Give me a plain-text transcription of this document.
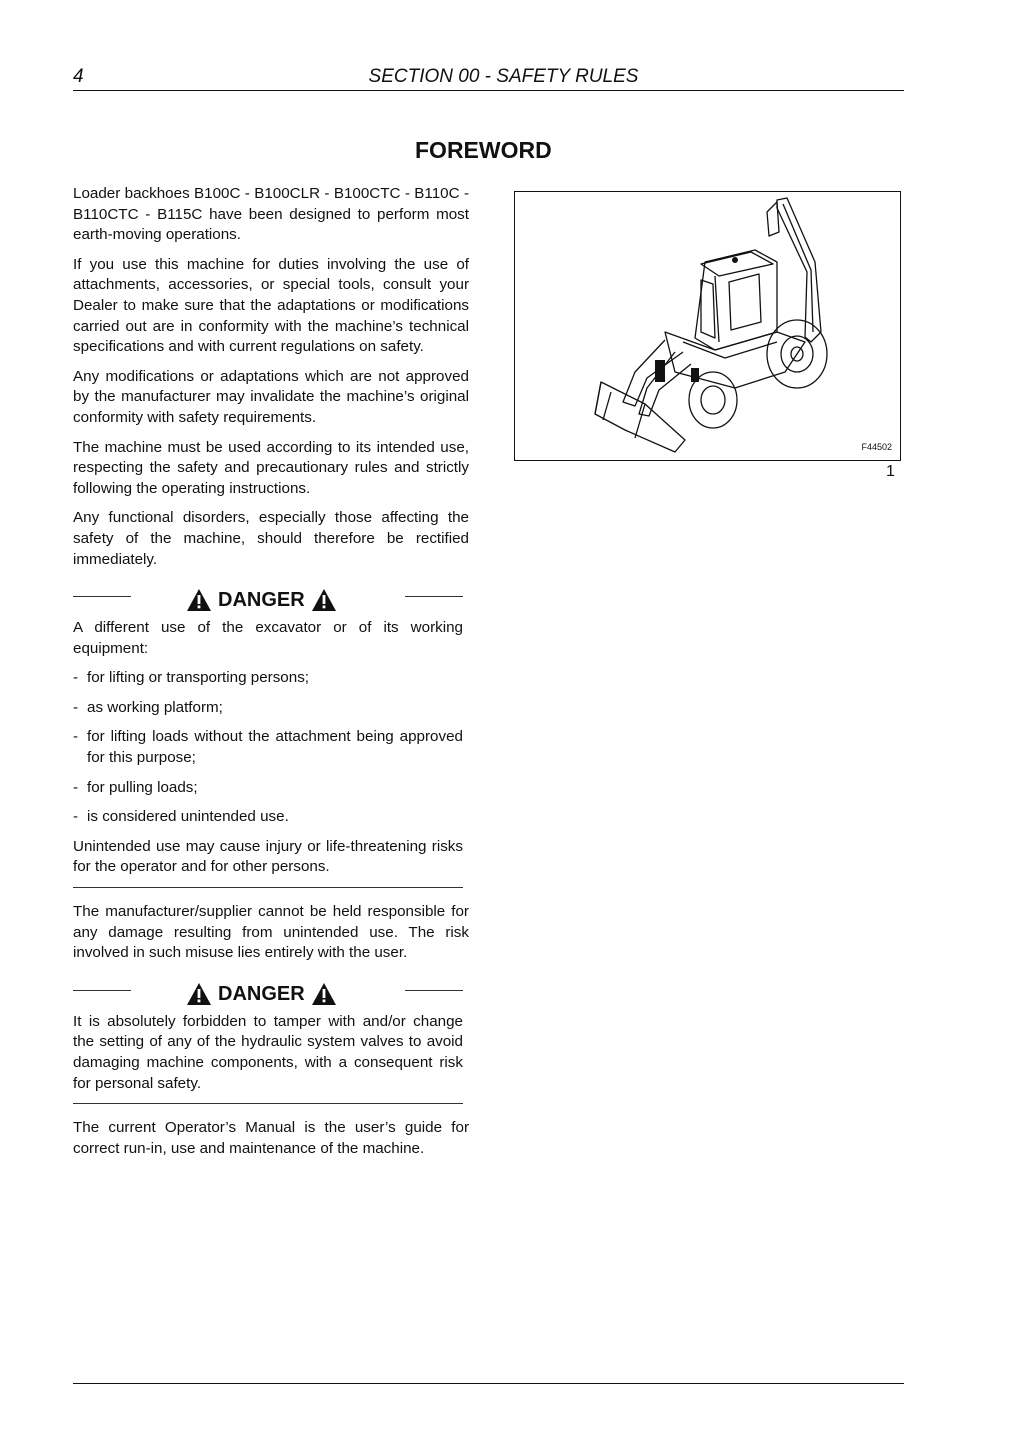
4	SECTION 00 - SAFETY RULES
FOREWORD

Loader backhoes B100C - B100CLR - B100CTC - B110C - B110CTC - B115C have been designed to perform most earth-moving operations.

If you use this machine for duties involving the use of attachments, accessories, or special tools, consult your Dealer to make sure that the adaptations or modifications carried out are in conformity with the machine’s technical specifications and with current regulations on safety.

Any modifications or adaptations which are not approved by the manufacturer may invalidate the machine’s original conformity with safety requirements.

The machine must be used according to its intended use, respecting the safety and precautionary rules and strictly following the operating instructions.

Any functional disorders, especially those affecting the safety of the machine, should therefore be rectified immediately.

DANGER

A different use of the excavator or of its working equipment:

- for lifting or transporting persons;
- as working platform;
- for lifting loads without the attachment being approved for this purpose;
- for pulling loads;
- is considered unintended use.

Unintended use may cause injury or life-threatening risks for the operator and for other persons.

The manufacturer/supplier cannot be held responsible for any damage resulting from unintended use. The risk involved in such misuse lies entirely with the user.

DANGER

It is absolutely forbidden to tamper with and/or change the setting of any of the hydraulic system valves to avoid damaging machine components, with a consequent risk for personal safety.

The current Operator’s Manual is the user’s guide for correct run-in, use and maintenance of the machine.

F44502
1
